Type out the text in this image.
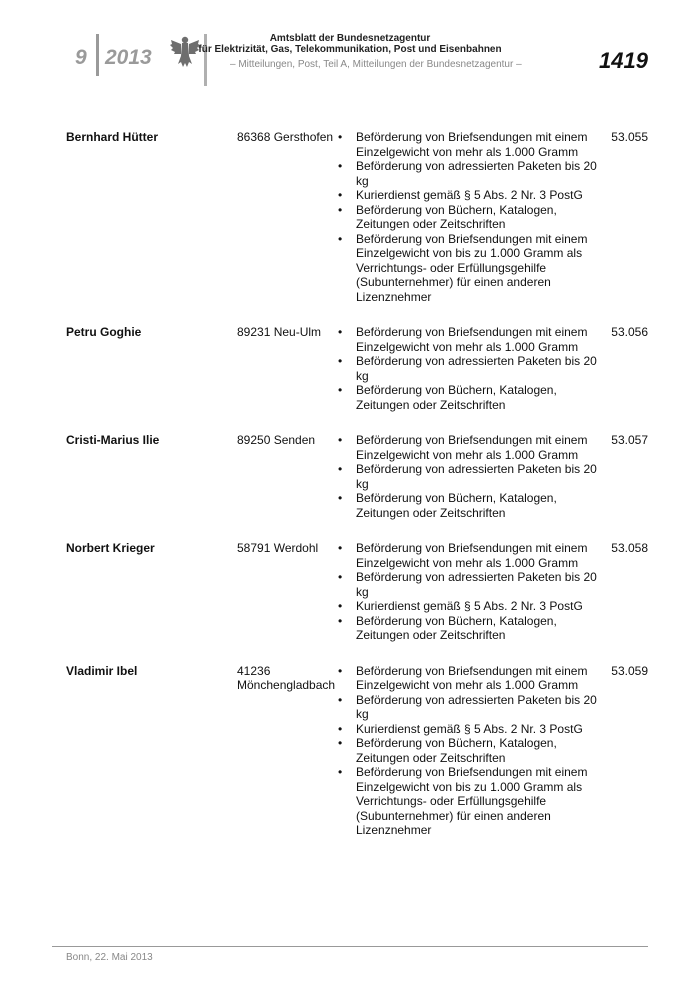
9 2013
Amtsblatt der Bundesnetzagentur
für Elektrizität, Gas, Telekommunikation, Post und Eisenbahnen
– Mitteilungen, Post, Teil A, Mitteilungen der Bundesnetzagentur –	1419
Bernhard Hütter	86368 Gersthofen	• Beförderung von Briefsendungen mit einem Einzelgewicht von mehr als 1.000 Gramm
• Beförderung von adressierten Paketen bis 20 kg
• Kurierdienst gemäß § 5 Abs. 2 Nr. 3 PostG
• Beförderung von Büchern, Katalogen, Zeitungen oder Zeitschriften
• Beförderung von Briefsendungen mit einem Einzelgewicht von bis zu 1.000 Gramm als Verrichtungs- oder Erfüllungsgehilfe (Subunternehmer) für einen anderen Lizenznehmer
53.055
Petru Goghie	89231 Neu-Ulm	• Beförderung von Briefsendungen mit einem Einzelgewicht von mehr als 1.000 Gramm
• Beförderung von adressierten Paketen bis 20 kg
• Beförderung von Büchern, Katalogen, Zeitungen oder Zeitschriften
53.056
Cristi-Marius Ilie	89250 Senden	• Beförderung von Briefsendungen mit einem Einzelgewicht von mehr als 1.000 Gramm
• Beförderung von adressierten Paketen bis 20 kg
• Beförderung von Büchern, Katalogen, Zeitungen oder Zeitschriften
53.057
Norbert Krieger	58791 Werdohl	• Beförderung von Briefsendungen mit einem Einzelgewicht von mehr als 1.000 Gramm
• Beförderung von adressierten Paketen bis 20 kg
• Kurierdienst gemäß § 5 Abs. 2 Nr. 3 PostG
• Beförderung von Büchern, Katalogen, Zeitungen oder Zeitschriften
53.058
Vladimir Ibel	41236 Mönchengladbach
• Beförderung von Briefsendungen mit einem Einzelgewicht von mehr als 1.000 Gramm
• Beförderung von adressierten Paketen bis 20 kg
• Kurierdienst gemäß § 5 Abs. 2 Nr. 3 PostG
• Beförderung von Büchern, Katalogen, Zeitungen oder Zeitschriften
• Beförderung von Briefsendungen mit einem Einzelgewicht von bis zu 1.000 Gramm als Verrichtungs- oder Erfüllungsgehilfe (Subunternehmer) für einen anderen Lizenznehmer
53.059
Bonn, 22. Mai 2013
